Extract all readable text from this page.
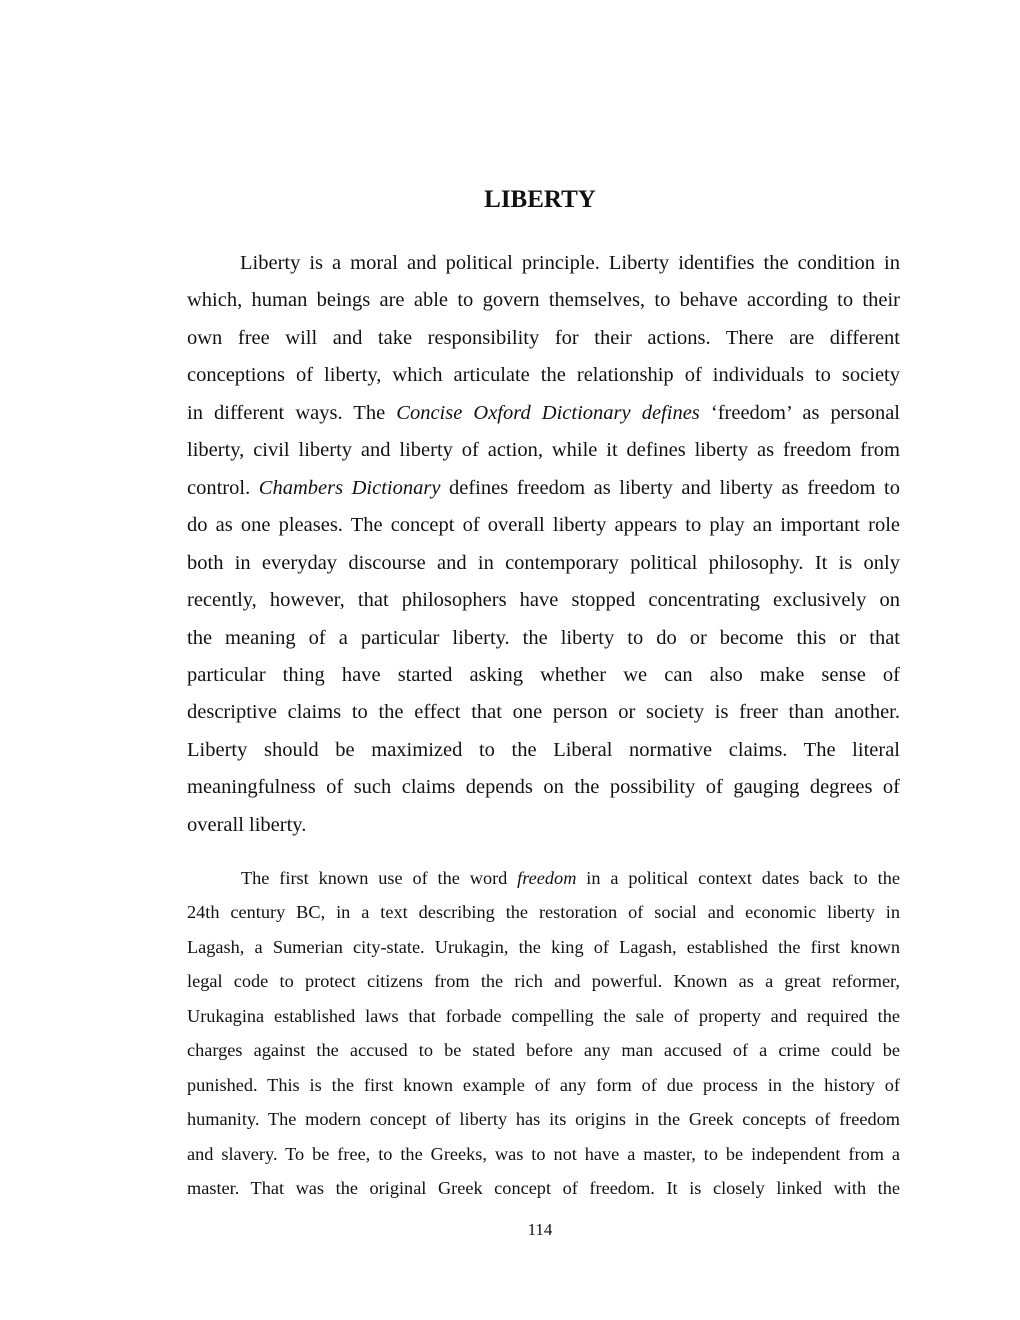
LIBERTY
Liberty is a moral and political principle. Liberty identifies the condition in
which, human beings are able to govern themselves, to behave according to their
own free will and take responsibility for their actions. There are different
conceptions of liberty, which articulate the relationship of individuals to society
in different ways. The Concise Oxford Dictionary defines ‘freedom’ as personal
liberty, civil liberty and liberty of action, while it defines liberty as freedom from
control. Chambers Dictionary defines freedom as liberty and liberty as freedom to
do as one pleases. The concept of overall liberty appears to play an important role
both in everyday discourse and in contemporary political philosophy. It is only
recently, however, that philosophers have stopped concentrating exclusively on
the meaning of a particular liberty. the liberty to do or become this or that
particular thing have started asking whether we can also make sense of
descriptive claims to the effect that one person or society is freer than another.
Liberty should be maximized to the Liberal normative claims. The literal
meaningfulness of such claims depends on the possibility of gauging degrees of
overall liberty.
The first known use of the word freedom in a political context dates back to the
24th century BC, in a text describing the restoration of social and economic liberty in
Lagash, a Sumerian city-state. Urukagin, the king of Lagash, established the first known
legal code to protect citizens from the rich and powerful. Known as a great reformer,
Urukagina established laws that forbade compelling the sale of property and required the
charges against the accused to be stated before any man accused of a crime could be
punished. This is the first known example of any form of due process in the history of
humanity. The modern concept of liberty has its origins in the Greek concepts of freedom
and slavery. To be free, to the Greeks, was to not have a master, to be independent from a
master. That was the original Greek concept of freedom. It is closely linked with the
114
